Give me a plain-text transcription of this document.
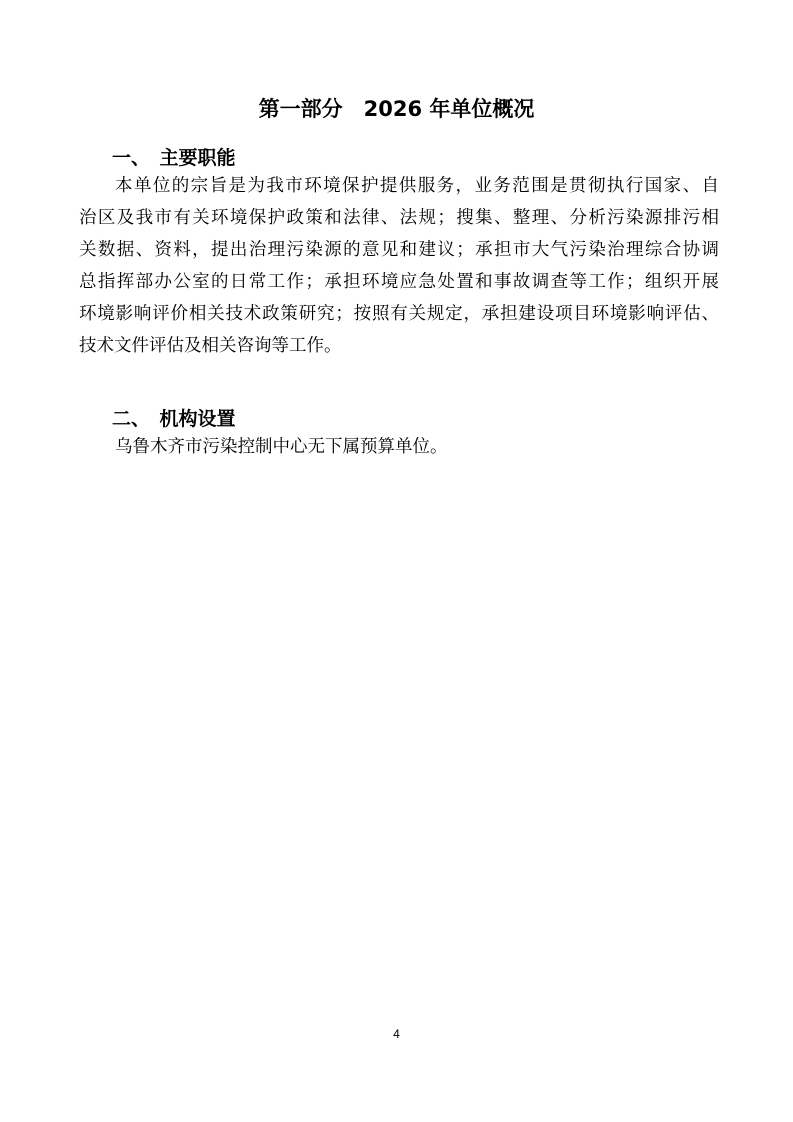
第一部分　2026 年单位概况
一、　主要职能
本单位的宗旨是为我市环境保护提供服务，业务范围是贯彻执行国家、自
治区及我市有关环境保护政策和法律、法规；搜集、整理、分析污染源排污相
关数据、资料，提出治理污染源的意见和建议；承担市大气污染治理综合协调
总指挥部办公室的日常工作；承担环境应急处置和事故调查等工作；组织开展
环境影响评价相关技术政策研究；按照有关规定，承担建设项目环境影响评估、
技术文件评估及相关咨询等工作。
二、　机构设置
乌鲁木齐市污染控制中心无下属预算单位。
4
